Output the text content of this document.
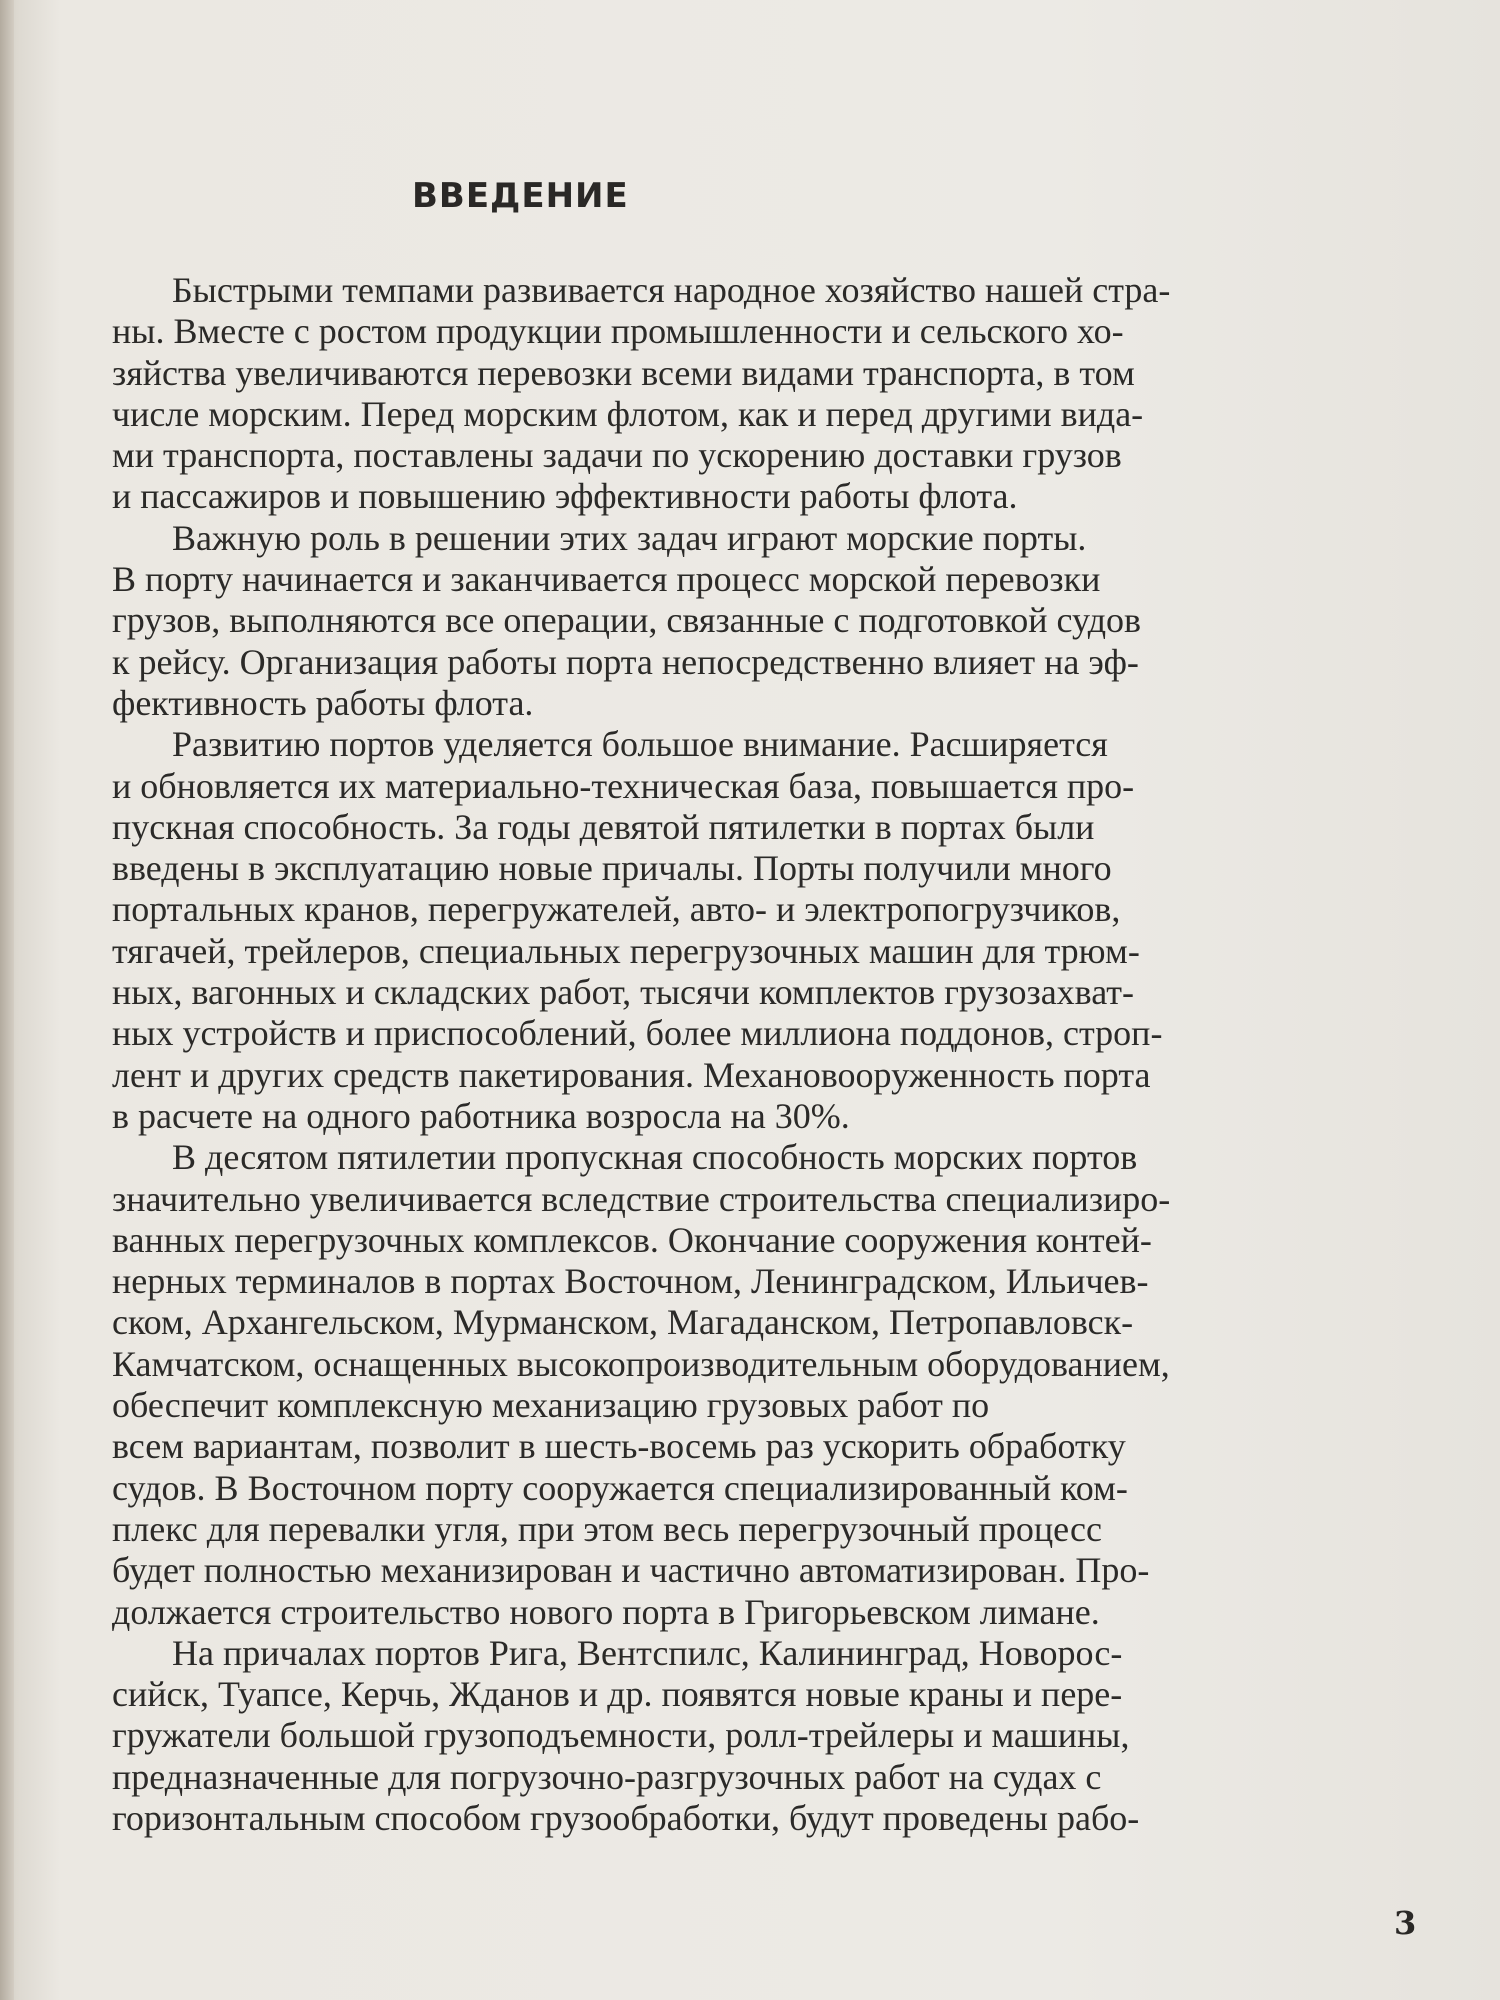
ВВЕДЕНИЕ
Быстрыми темпами развивается народное хозяйство нашей стра-
ны. Вместе с ростом продукции промышленности и сельского хо-
зяйства увеличиваются перевозки всеми видами транспорта, в том
числе морским. Перед морским флотом, как и перед другими вида-
ми транспорта, поставлены задачи по ускорению доставки грузов
и пассажиров и повышению эффективности работы флота.
Важную роль в решении этих задач играют морские порты.
В порту начинается и заканчивается процесс морской перевозки
грузов, выполняются все операции, связанные с подготовкой судов
к рейсу. Организация работы порта непосредственно влияет на эф-
фективность работы флота.
Развитию портов уделяется большое внимание. Расширяется
и обновляется их материально-техническая база, повышается про-
пускная способность. За годы девятой пятилетки в портах были
введены в эксплуатацию новые причалы. Порты получили много
портальных кранов, перегружателей, авто- и электропогрузчиков,
тягачей, трейлеров, специальных перегрузочных машин для трюм-
ных, вагонных и складских работ, тысячи комплектов грузозахват-
ных устройств и приспособлений, более миллиона поддонов, строп-
лент и других средств пакетирования. Механовооруженность порта
в расчете на одного работника возросла на 30%.
В десятом пятилетии пропускная способность морских портов
значительно увеличивается вследствие строительства специализиро-
ванных перегрузочных комплексов. Окончание сооружения контей-
нерных терминалов в портах Восточном, Ленинградском, Ильичев-
ском, Архангельском, Мурманском, Магаданском, Петропавловск-
Камчатском, оснащенных высокопроизводительным оборудованием,
обеспечит комплексную механизацию грузовых работ по
всем вариантам, позволит в шесть-восемь раз ускорить обработку
судов. В Восточном порту сооружается специализированный ком-
плекс для перевалки угля, при этом весь перегрузочный процесс
будет полностью механизирован и частично автоматизирован. Про-
должается строительство нового порта в Григорьевском лимане.
На причалах портов Рига, Вентспилс, Калининград, Новорос-
сийск, Туапсе, Керчь, Жданов и др. появятся новые краны и пере-
гружатели большой грузоподъемности, ролл-трейлеры и машины,
предназначенные для погрузочно-разгрузочных работ на судах с
горизонтальным способом грузообработки, будут проведены рабо-
3
